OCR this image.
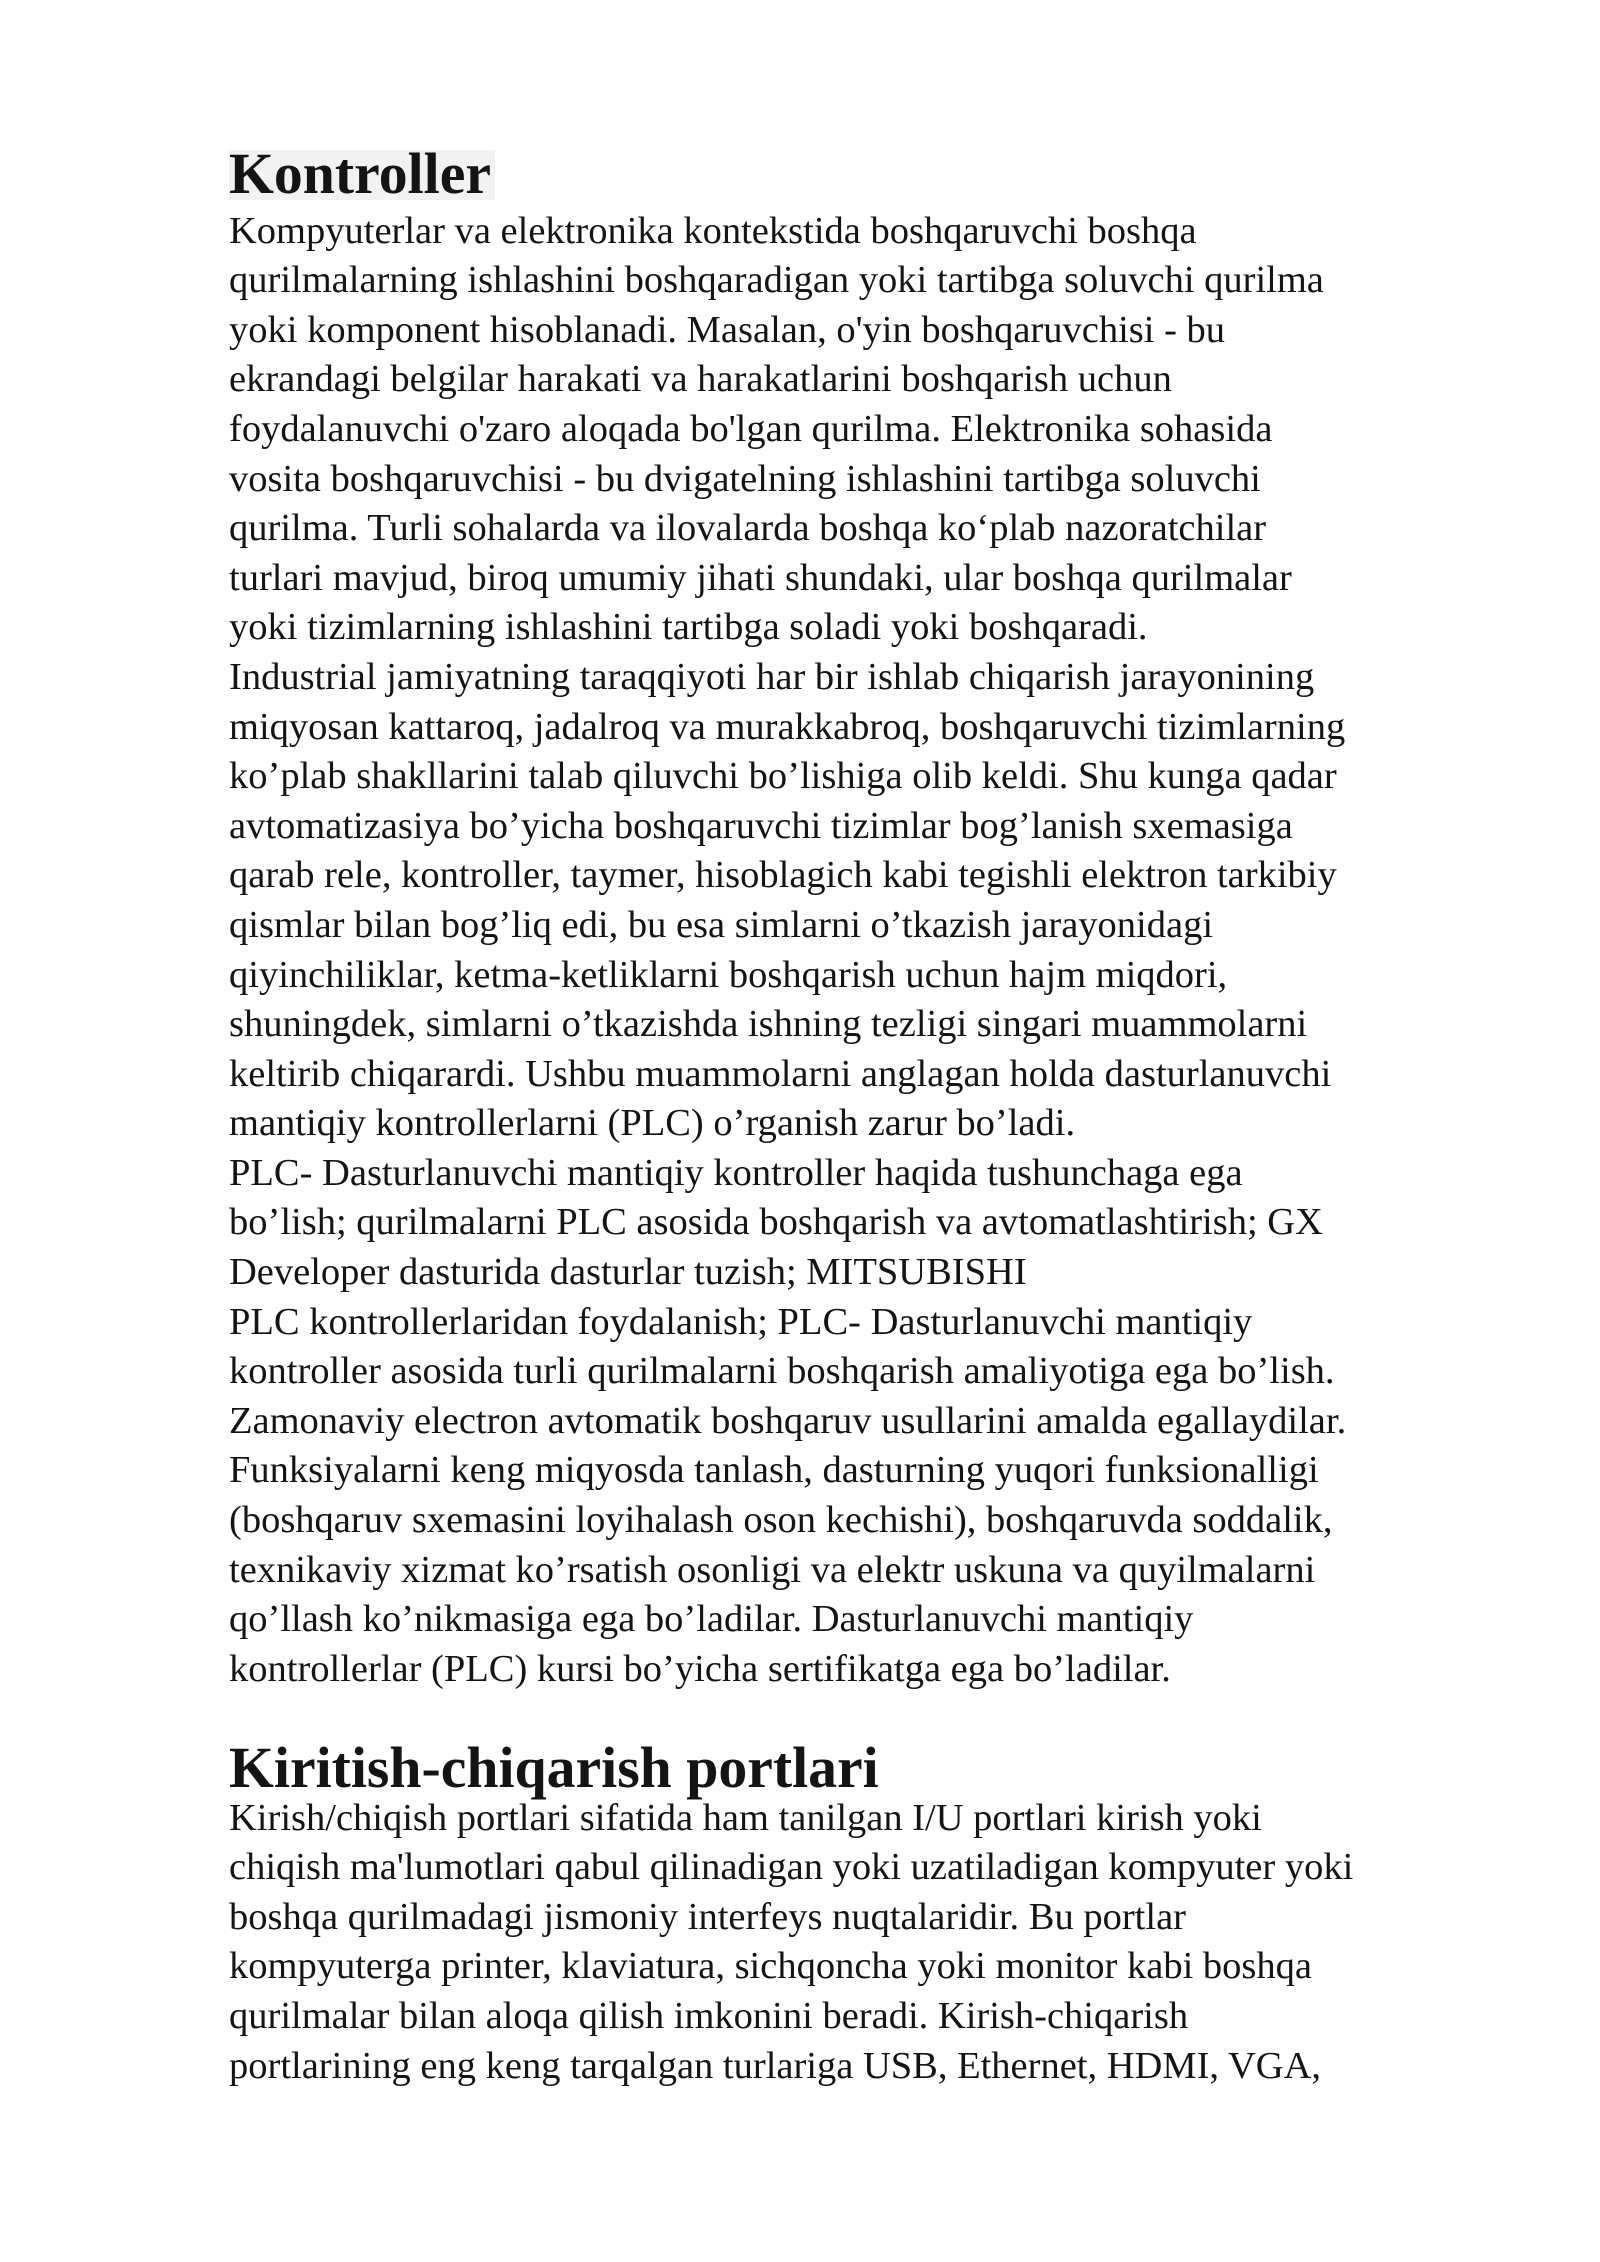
Kontroller
Kompyuterlar va elektronika kontekstida boshqaruvchi boshqa
qurilmalarning ishlashini boshqaradigan yoki tartibga soluvchi qurilma
yoki komponent hisoblanadi. Masalan, o'yin boshqaruvchisi - bu
ekrandagi belgilar harakati va harakatlarini boshqarish uchun
foydalanuvchi o'zaro aloqada bo'lgan qurilma. Elektronika sohasida
vosita boshqaruvchisi - bu dvigatelning ishlashini tartibga soluvchi
qurilma. Turli sohalarda va ilovalarda boshqa ko‘plab nazoratchilar
turlari mavjud, biroq umumiy jihati shundaki, ular boshqa qurilmalar
yoki tizimlarning ishlashini tartibga soladi yoki boshqaradi.
Industrial jamiyatning taraqqiyoti har bir ishlab chiqarish jarayonining
miqyosan kattaroq, jadalroq va murakkabroq, boshqaruvchi tizimlarning
ko’plab shakllarini talab qiluvchi bo’lishiga olib keldi. Shu kunga qadar
avtomatizasiya bo’yicha boshqaruvchi tizimlar bog’lanish sxemasiga
qarab rele, kontroller, taymer, hisoblagich kabi tegishli elektron tarkibiy
qismlar bilan bog’liq edi, bu esa simlarni o’tkazish jarayonidagi
qiyinchiliklar, ketma-ketliklarni boshqarish uchun hajm miqdori,
shuningdek, simlarni o’tkazishda ishning tezligi singari muammolarni
keltirib chiqarardi. Ushbu muammolarni anglagan holda dasturlanuvchi
mantiqiy kontrollerlarni (PLC) o’rganish zarur bo’ladi.
PLC- Dasturlanuvchi mantiqiy kontroller haqida tushunchaga ega
bo’lish; qurilmalarni PLC asosida boshqarish va avtomatlashtirish; GX
Developer dasturida dasturlar tuzish; MITSUBISHI
PLC kontrollerlaridan foydalanish; PLC- Dasturlanuvchi mantiqiy
kontroller asosida turli qurilmalarni boshqarish amaliyotiga ega bo’lish.
Zamonaviy electron avtomatik boshqaruv usullarini amalda egallaydilar.
Funksiyalarni keng miqyosda tanlash, dasturning yuqori funksionalligi
(boshqaruv sxemasini loyihalash oson kechishi), boshqaruvda soddalik,
texnikaviy xizmat ko’rsatish osonligi va elektr uskuna va quyilmalarni
qo’llash ko’nikmasiga ega bo’ladilar. Dasturlanuvchi mantiqiy
kontrollerlar (PLC) kursi bo’yicha sertifikatga ega bo’ladilar.
Kiritish-chiqarish portlari
Kirish/chiqish portlari sifatida ham tanilgan I/U portlari kirish yoki
chiqish ma'lumotlari qabul qilinadigan yoki uzatiladigan kompyuter yoki
boshqa qurilmadagi jismoniy interfeys nuqtalaridir. Bu portlar
kompyuterga printer, klaviatura, sichqoncha yoki monitor kabi boshqa
qurilmalar bilan aloqa qilish imkonini beradi. Kirish-chiqarish
portlarining eng keng tarqalgan turlariga USB, Ethernet, HDMI, VGA,
